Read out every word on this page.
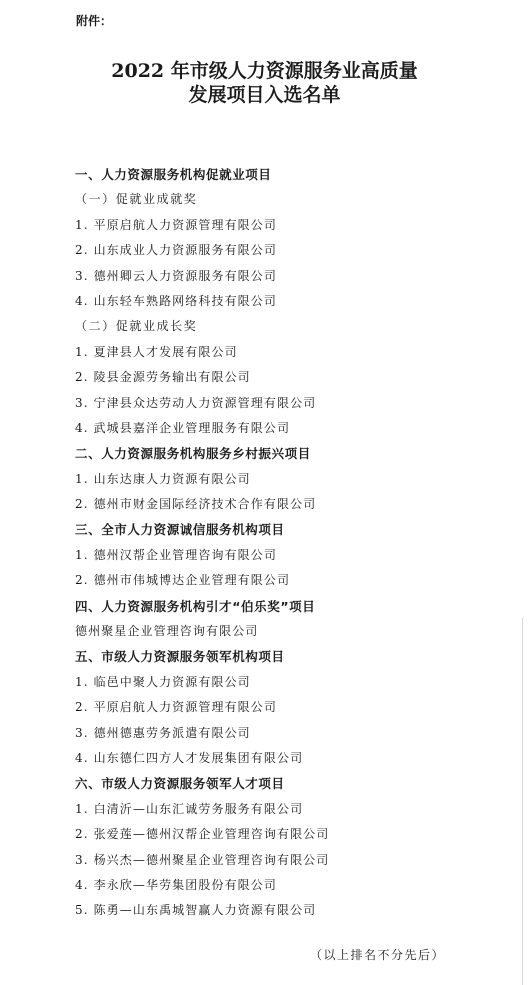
附件：
2022 年市级人力资源服务业高质量
发展项目入选名单
一、人力资源服务机构促就业项目
（一）促就业成就奖
1. 平原启航人力资源管理有限公司
2. 山东成业人力资源服务有限公司
3. 德州卿云人力资源服务有限公司
4. 山东轻车熟路网络科技有限公司
（二）促就业成长奖
1. 夏津县人才发展有限公司
2. 陵县金源劳务输出有限公司
3. 宁津县众达劳动人力资源管理有限公司
4. 武城县嘉洋企业管理服务有限公司
二、人力资源服务机构服务乡村振兴项目
1. 山东达康人力资源有限公司
2. 德州市财金国际经济技术合作有限公司
三、全市人力资源诚信服务机构项目
1. 德州汉帮企业管理咨询有限公司
2. 德州市伟城博达企业管理有限公司
四、人力资源服务机构引才“伯乐奖”项目
德州聚星企业管理咨询有限公司
五、市级人力资源服务领军机构项目
1. 临邑中聚人力资源有限公司
2. 平原启航人力资源管理有限公司
3. 德州德惠劳务派遣有限公司
4. 山东德仁四方人才发展集团有限公司
六、市级人力资源服务领军人才项目
1. 白清沂—山东汇诚劳务服务有限公司
2. 张爱莲—德州汉帮企业管理咨询有限公司
3. 杨兴杰—德州聚星企业管理咨询有限公司
4. 李永欣—华劳集团股份有限公司
5. 陈勇—山东禹城智赢人力资源有限公司
（以上排名不分先后）
